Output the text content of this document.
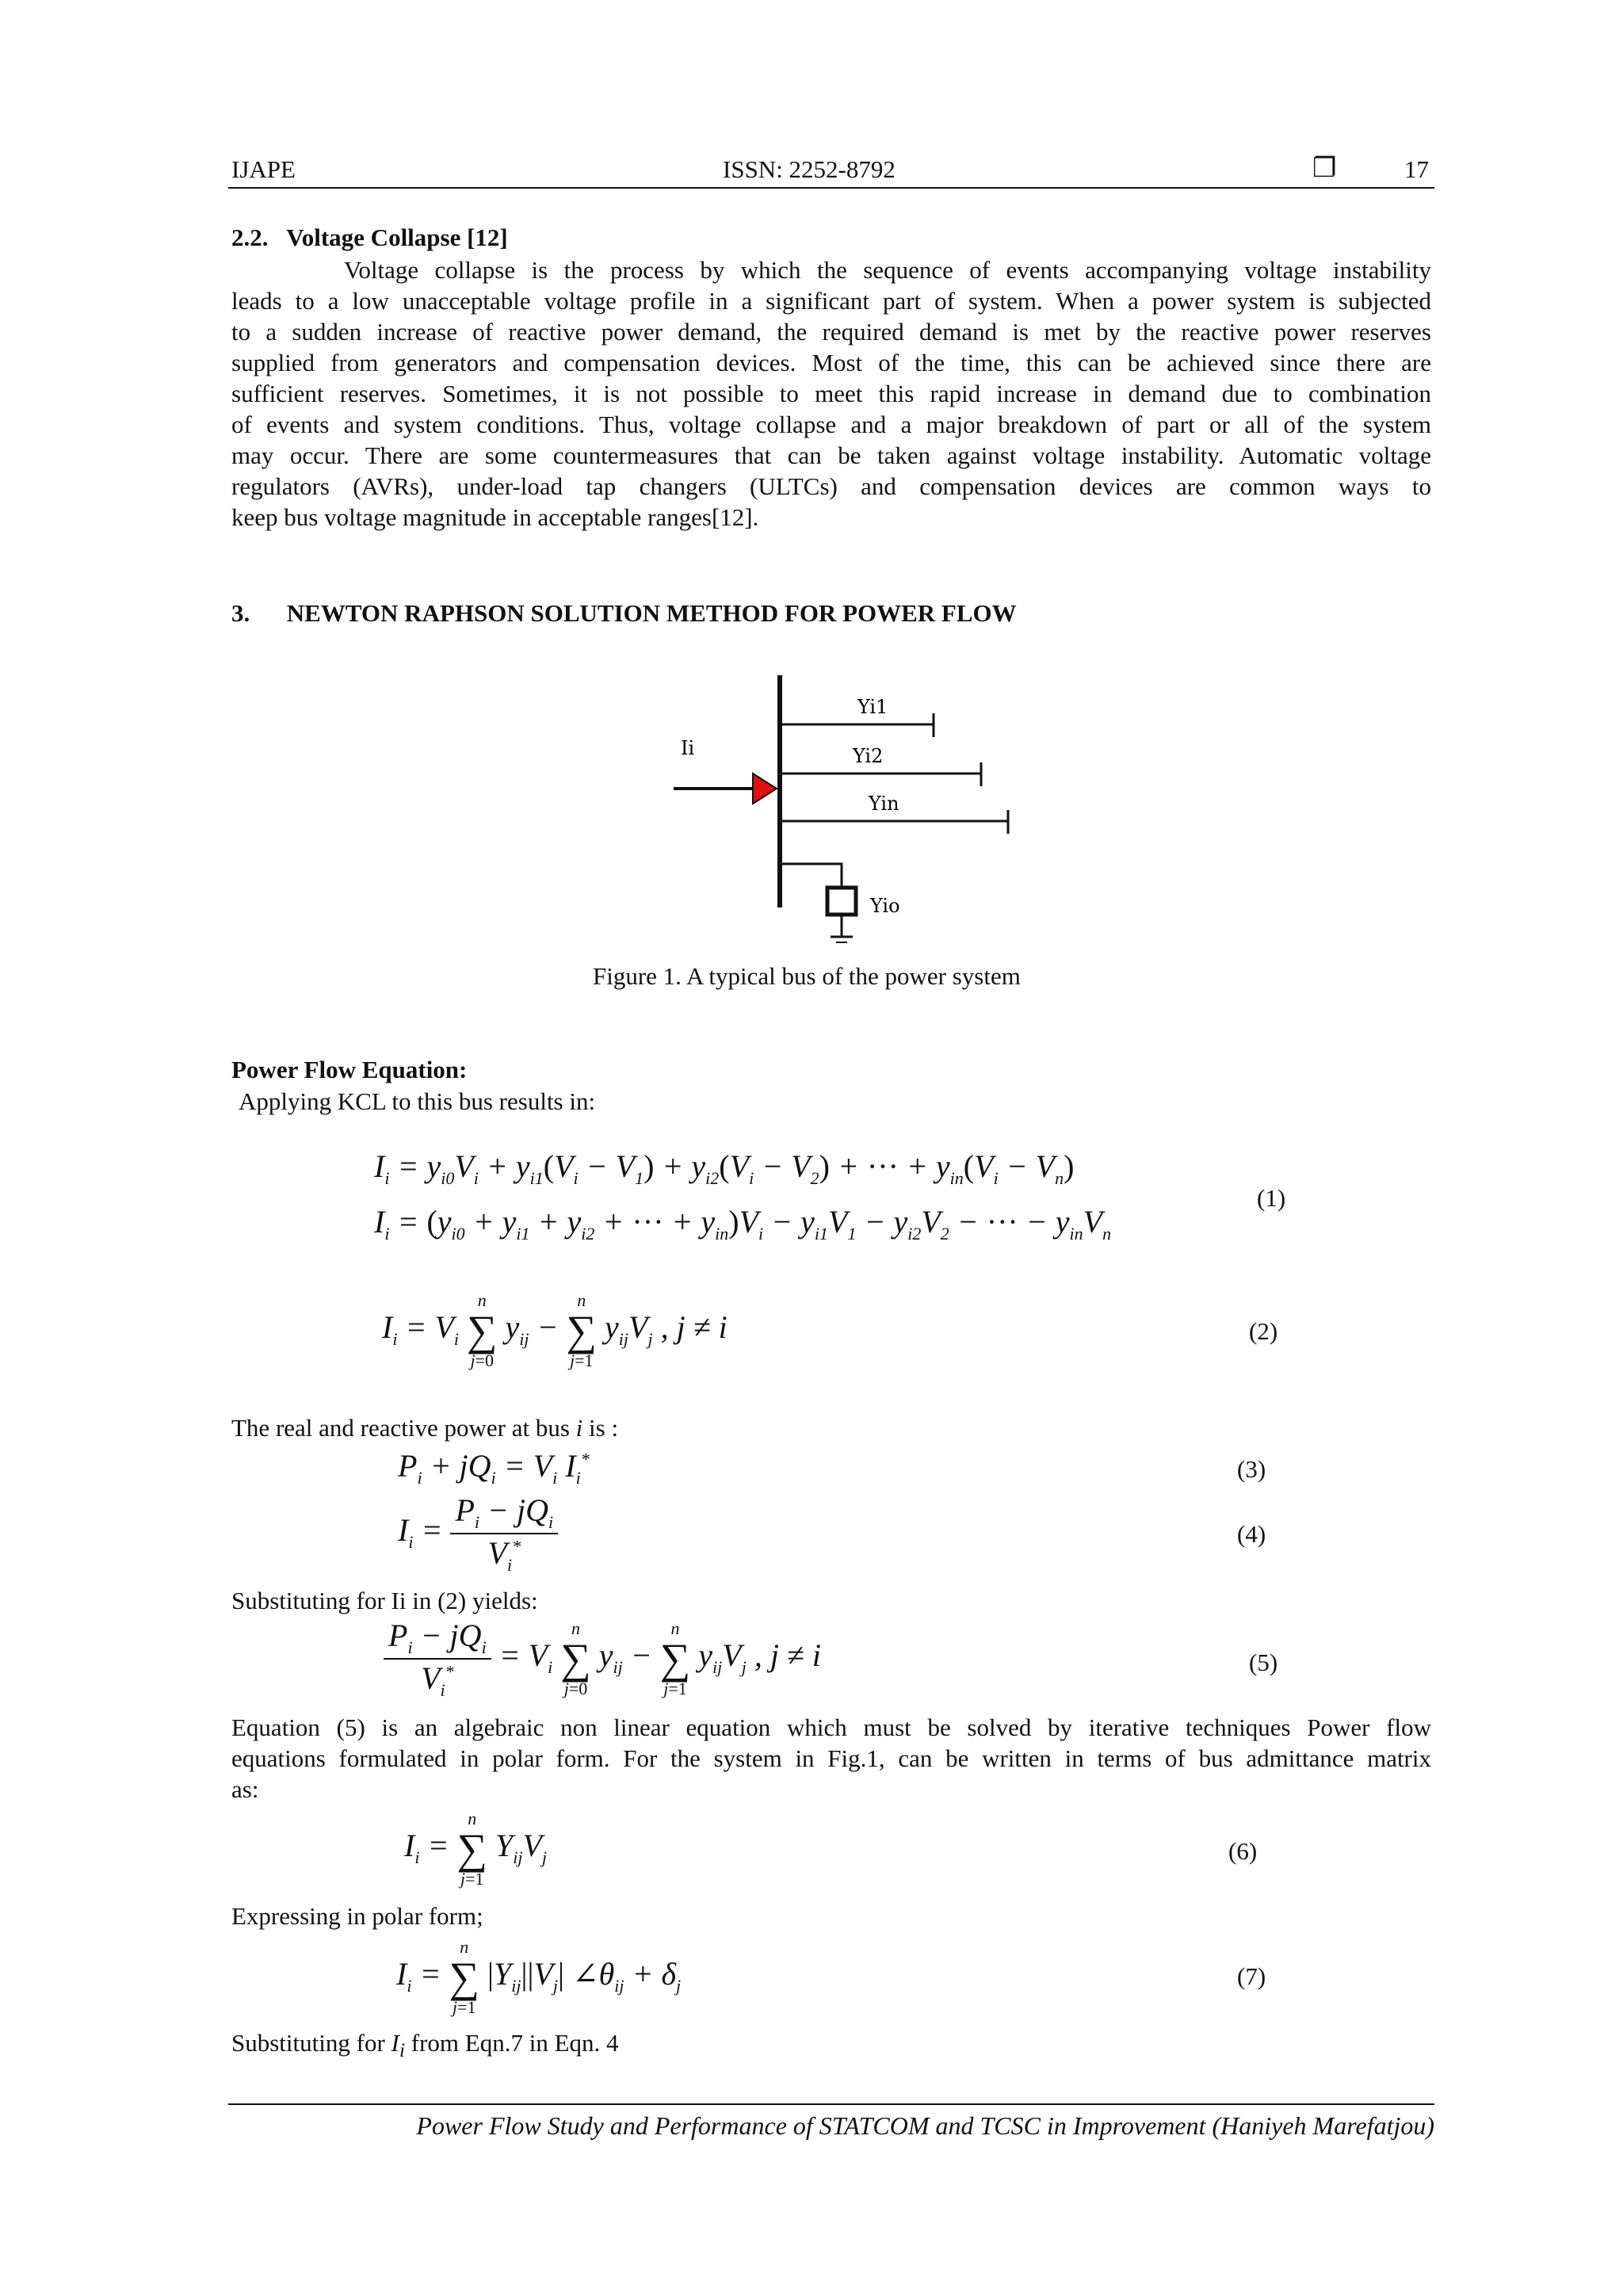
IJAPE	ISSN: 2252-8792	❐	17
2.2.   Voltage Collapse [12]
Voltage collapse is the process by which the sequence of events accompanying voltage instability
leads to a low unacceptable voltage profile in a significant part of system. When a power system is subjected
to a sudden increase of reactive power demand, the required demand is met by the reactive power reserves
supplied from generators and compensation devices. Most of the time, this can be achieved since there are
sufficient reserves. Sometimes, it is not possible to meet this rapid increase in demand due to combination
of events and system conditions. Thus, voltage collapse and a major breakdown of part or all of the system
may occur. There are some countermeasures that can be taken against voltage instability. Automatic voltage
regulators (AVRs), under-load tap changers (ULTCs) and compensation devices are common ways to
keep bus voltage magnitude in acceptable ranges[12].
3.      NEWTON RAPHSON SOLUTION METHOD FOR POWER FLOW
Ii
Yi1
Yi2
Yin
Yio
Figure 1. A typical bus of the power system
Power Flow Equation:
Applying KCL to this bus results in:
$I_i = y_{i0}V_i + y_{i1}(V_i - V_1) + y_{i2}(V_i - V_2)$ + ··· + $y_{in}(V_i - V_n)$
$I_i = (y_{i0} + y_{i1} + y_{i2}$ + ··· + $y_{in})V_i - y_{i1}V_1 - y_{i2}V_2$ − ··· − $y_{in}V_n$
(1)
$I_i = V_i$
n
∑
j=0
$y_{ij}$ −
n
∑
j=1
$y_{ij}V_j$ , j ≠ i	(2)
The real and reactive power at bus i is :
$P_i + jQ_i = V_i$ $I_i^*$	(3)
$I_i = \frac{P_i - jQ_i}{V_i^*}$	(4)
Substituting for Ii in (2) yields:
$\frac{P_i - jQ_i}{V_i^*} = V_i$
n
∑
j=0
$y_{ij}$ −
n
∑
j=1
$y_{ij}V_j$ , j ≠ i	(5)
Equation (5) is an algebraic non linear equation which must be solved by iterative techniques Power flow
equations formulated in polar form. For the system in Fig.1, can be written in terms of bus admittance matrix
as:
$I_i$ =
n
∑
j=1
$Y_{ij}V_j$	(6)
Expressing in polar form;
$I_i$ =
n
∑
j=1
$|Y_{ij}||V_j|$ $\angle\theta_{ij} + \delta_j$	(7)
Substituting for $I_i$ from Eqn.7 in Eqn. 4
Power Flow Study and Performance of STATCOM and TCSC in Improvement (Haniyeh Marefatjou)
